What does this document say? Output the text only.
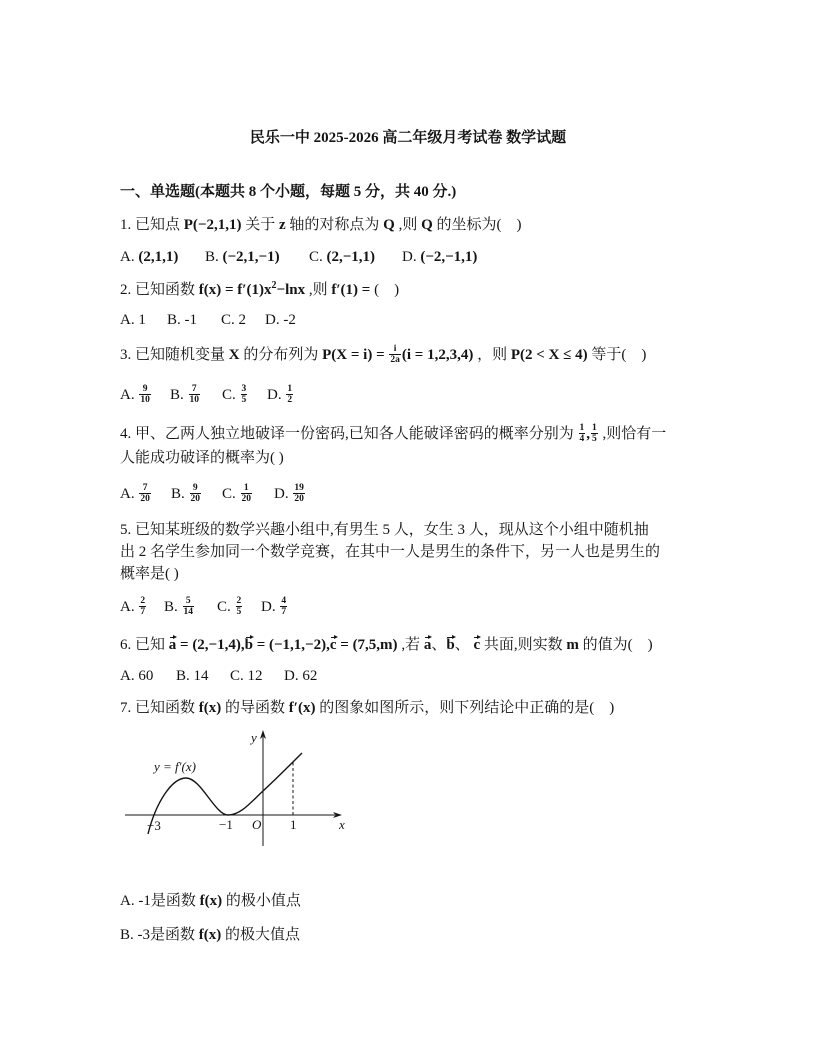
民乐一中 2025-2026 高二年级月考试卷 数学试题
一、单选题(本题共 8 个小题，每题 5 分，共 40 分.)
1. 已知点 P(−2,1,1) 关于 z 轴的对称点为 Q ,则 Q 的坐标为(    )
A. (2,1,1) B. (−2,1,−1) C. (2,−1,1) D. (−2,−1,1)
2. 已知函数 $f(x) = f'(1)x^2-\ln x$ ,则 f′(1) = (    )
A. 1 B. -1 C. 2 D. -2
3. 已知随机变量 X 的分布列为 $P(X = i) = \frac{i}{2a} (i = 1,2,3,4)$ ，则 P(2 < X ≤ 4) 等于(    )
A. $\frac{9}{10} B$. $\frac{7}{10} C$. $\frac{3}{5} D$. $\frac{1}{2}$
4. 甲、乙两人独立地破译一份密码,已知各人能破译密码的概率分别为 $\frac{1}{4}$ , $\frac{1}{5}$ ,则恰有一
人能成功破译的概率为( )
A. $\frac{7}{20} B$. $\frac{9}{20} C$. $\frac{1}{20} D$. $\frac{19}{20}$
5. 已知某班级的数学兴趣小组中,有男生 5 人，女生 3 人，现从这个小组中随机抽
出 2 名学生参加同一个数学竞赛，在其中一人是男生的条件下，另一人也是男生的
概率是( )
A. $\frac{2}{7} B$. $\frac{5}{14} C$. $\frac{2}{5} D$. $\frac{4}{7}$
6. 已知 a = (2,−1,4),b = (−1,1,−2),c = (7,5,m) ,若 a、b、 c 共面,则实数 m 的值为(    )
A. 60 B. 14 C. 12 D. 62
7. 已知函数 f(x) 的导函数 f′(x) 的图象如图所示，则下列结论中正确的是(    )
y = f′(x)
y
x
O
−3	−1	1
A. -1是函数 f(x) 的极小值点
B. -3是函数 f(x) 的极大值点
